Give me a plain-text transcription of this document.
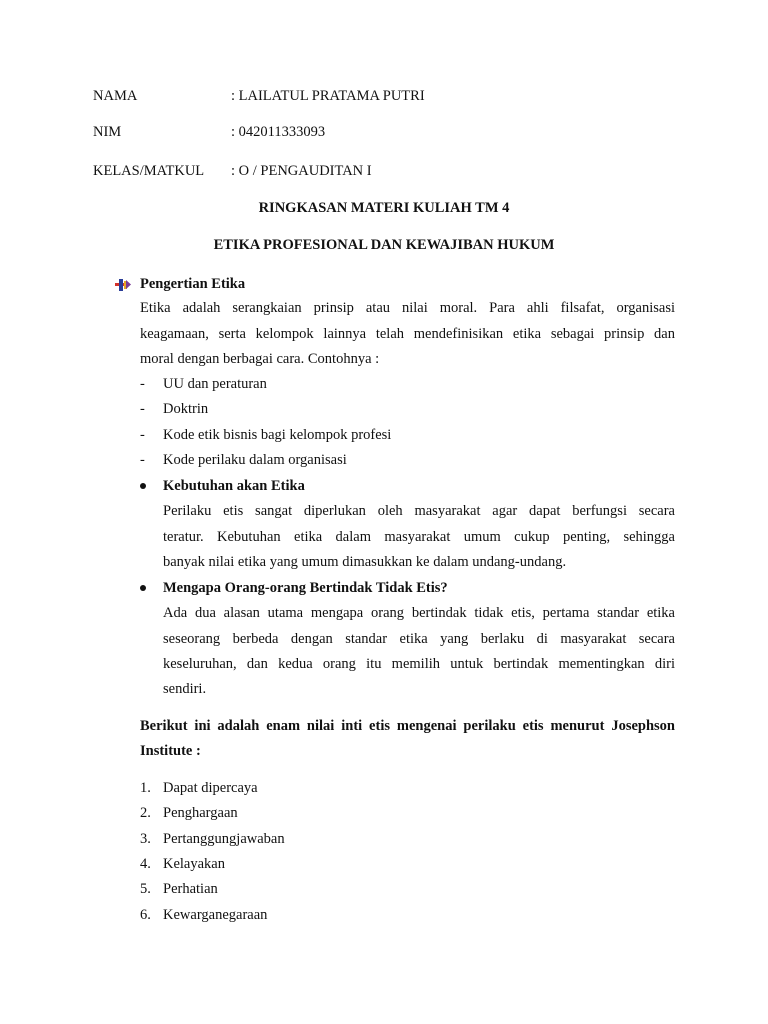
NAMA	: LAILATUL PRATAMA PUTRI
NIM	: 042011333093
KELAS/MATKUL : O / PENGAUDITAN I
RINGKASAN MATERI KULIAH TM 4
ETIKA PROFESIONAL DAN KEWAJIBAN HUKUM
Pengertian Etika
Etika adalah serangkaian prinsip atau nilai moral. Para ahli filsafat, organisasi
keagamaan, serta kelompok lainnya telah mendefinisikan etika sebagai prinsip dan
moral dengan berbagai cara. Contohnya :
- UU dan peraturan
- Doktrin
- Kode etik bisnis bagi kelompok profesi
- Kode perilaku dalam organisasi
Kebutuhan akan Etika
Perilaku etis sangat diperlukan oleh masyarakat agar dapat berfungsi secara
teratur. Kebutuhan etika dalam masyarakat umum cukup penting, sehingga
banyak nilai etika yang umum dimasukkan ke dalam undang-undang.
Mengapa Orang-orang Bertindak Tidak Etis?
Ada dua alasan utama mengapa orang bertindak tidak etis, pertama standar etika
seseorang berbeda dengan standar etika yang berlaku di masyarakat secara
keseluruhan, dan kedua orang itu memilih untuk bertindak mementingkan diri
sendiri.
Berikut ini adalah enam nilai inti etis mengenai perilaku etis menurut Josephson
Institute :
1. Dapat dipercaya
2. Penghargaan
3. Pertanggungjawaban
4. Kelayakan
5. Perhatian
6. Kewarganegaraan
